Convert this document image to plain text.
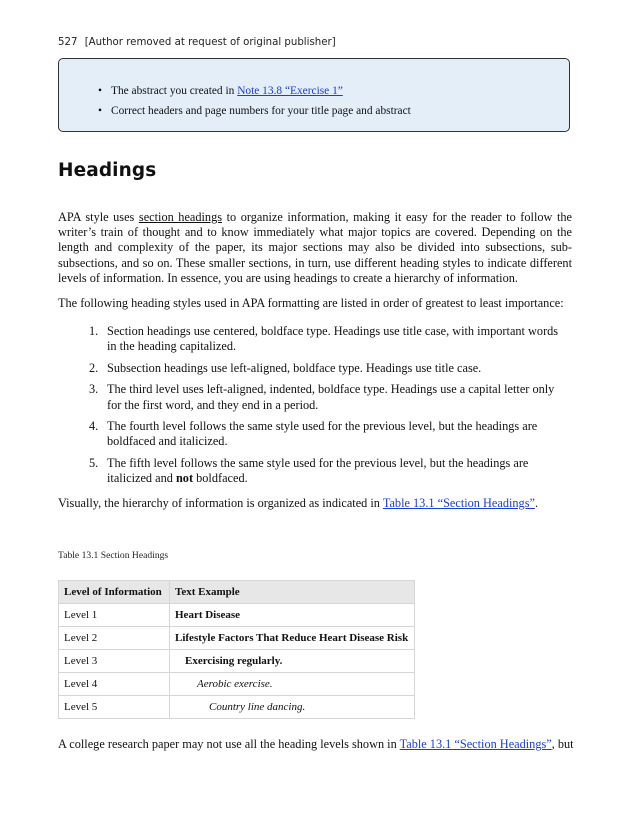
527 [Author removed at request of original publisher]
• The abstract you created in Note 13.8 “Exercise 1”
• Correct headers and page numbers for your title page and abstract
Headings

APA style uses section headings to organize information, making it easy for the reader to follow the writer’s train of thought and to know immediately what major topics are covered. Depending on the length and complexity of the paper, its major sections may also be divided into subsections, sub-subsections, and so on. These smaller sections, in turn, use different heading styles to indicate different levels of information. In essence, you are using headings to create a hierarchy of information.

The following heading styles used in APA formatting are listed in order of greatest to least importance:

1. Section headings use centered, boldface type. Headings use title case, with important words in the heading capitalized.
2. Subsection headings use left-aligned, boldface type. Headings use title case.
3. The third level uses left-aligned, indented, boldface type. Headings use a capital letter only for the first word, and they end in a period.
4. The fourth level follows the same style used for the previous level, but the headings are boldfaced and italicized.
5. The fifth level follows the same style used for the previous level, but the headings are italicized and not boldfaced.

Visually, the hierarchy of information is organized as indicated in Table 13.1 “Section Headings”.

Table 13.1 Section Headings
Level of Information	Text Example
Level 1	Heart Disease
Level 2	Lifestyle Factors That Reduce Heart Disease Risk
Level 3	Exercising regularly.
Level 4	Aerobic exercise.
Level 5	Country line dancing.

A college research paper may not use all the heading levels shown in Table 13.1 “Section Headings”, but
